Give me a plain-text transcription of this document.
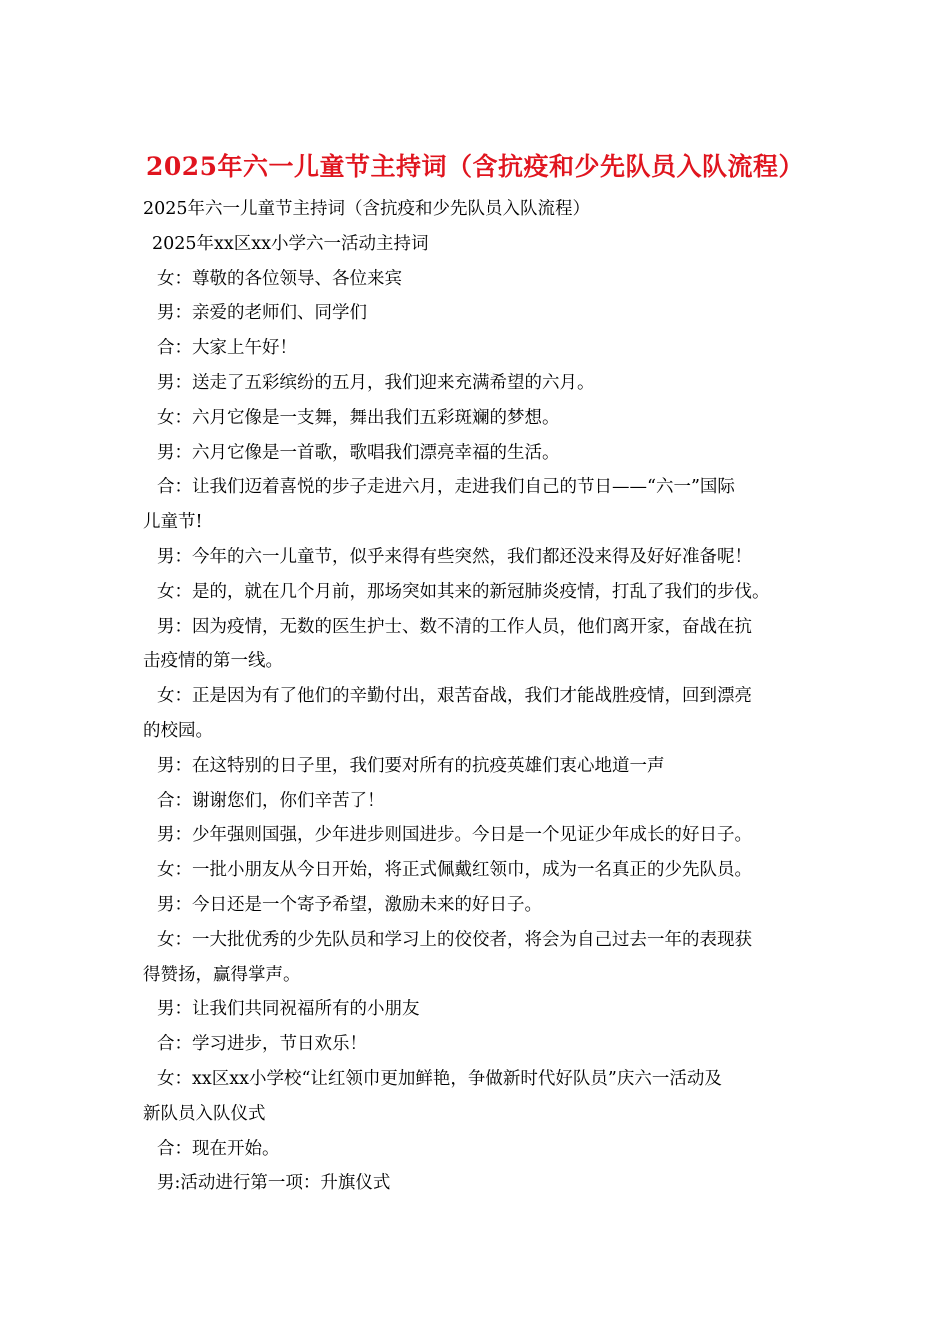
2025年六一儿童节主持词（含抗疫和少先队员入队流程）

2025年六一儿童节主持词（含抗疫和少先队员入队流程）

2025年xx区xx小学六一活动主持词

女：尊敬的各位领导、各位来宾

男：亲爱的老师们、同学们

合：大家上午好！

男：送走了五彩缤纷的五月，我们迎来充满希望的六月。

女：六月它像是一支舞，舞出我们五彩斑斓的梦想。

男：六月它像是一首歌，歌唱我们漂亮幸福的生活。

合：让我们迈着喜悦的步子走进六月，走进我们自己的节日——“六一”国际

儿童节!

男：今年的六一儿童节，似乎来得有些突然，我们都还没来得及好好准备呢！

女：是的，就在几个月前，那场突如其来的新冠肺炎疫情，打乱了我们的步伐。

男：因为疫情，无数的医生护士、数不清的工作人员，他们离开家，奋战在抗

击疫情的第一线。

女：正是因为有了他们的辛勤付出，艰苦奋战，我们才能战胜疫情，回到漂亮

的校园。

男：在这特别的日子里，我们要对所有的抗疫英雄们衷心地道一声

合：谢谢您们，你们辛苦了！

男：少年强则国强，少年进步则国进步。今日是一个见证少年成长的好日子。

女：一批小朋友从今日开始，将正式佩戴红领巾，成为一名真正的少先队员。

男：今日还是一个寄予希望，激励未来的好日子。

女：一大批优秀的少先队员和学习上的佼佼者，将会为自己过去一年的表现获

得赞扬，赢得掌声。

男：让我们共同祝福所有的小朋友

合：学习进步，节日欢乐！

女：xx区xx小学校“让红领巾更加鲜艳，争做新时代好队员”庆六一活动及

新队员入队仪式

合：现在开始。

男:活动进行第一项：升旗仪式
